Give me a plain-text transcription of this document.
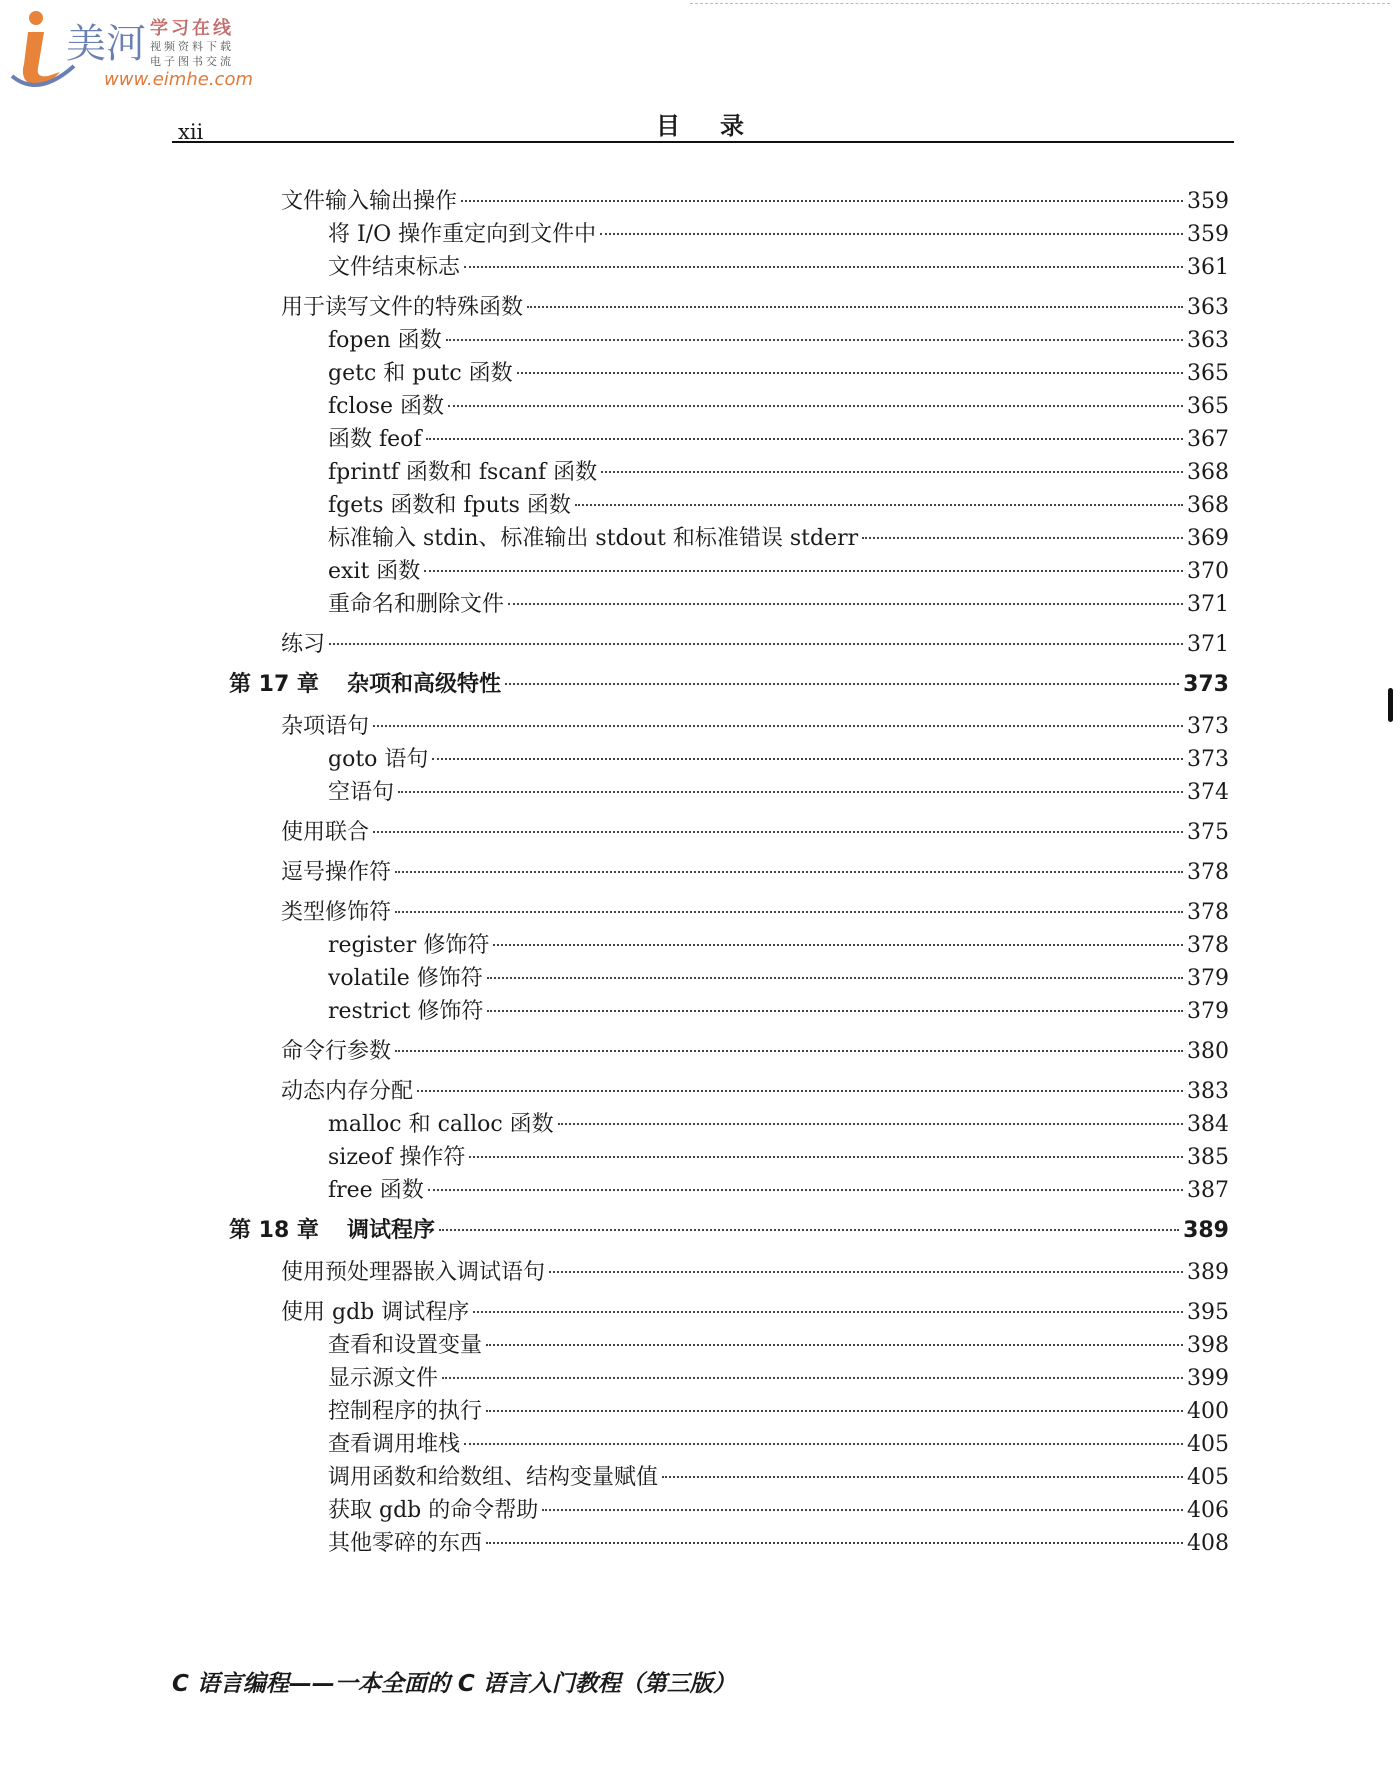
美河 学习在线
视频资料下载
电子图书交流
www.eimhe.com
xii	目录
文件输入输出操作	359
将 I/O 操作重定向到文件中	359
文件结束标志	361
用于读写文件的特殊函数	363
fopen 函数	363
getc 和 putc 函数	365
fclose 函数	365
函数 feof	367
fprintf 函数和 fscanf 函数	368
fgets 函数和 fputs 函数	368
标准输入 stdin、标准输出 stdout 和标准错误 stderr	369
exit 函数	370
重命名和删除文件	371
练习	371
第 17 章 杂项和高级特性	373
杂项语句	373
goto 语句	373
空语句	374
使用联合	375
逗号操作符	378
类型修饰符	378
register 修饰符	378
volatile 修饰符	379
restrict 修饰符	379
命令行参数	380
动态内存分配	383
malloc 和 calloc 函数	384
sizeof 操作符	385
free 函数	387
第 18 章 调试程序	389
使用预处理器嵌入调试语句	389
使用 gdb 调试程序	395
查看和设置变量	398
显示源文件	399
控制程序的执行	400
查看调用堆栈	405
调用函数和给数组、结构变量赋值	405
获取 gdb 的命令帮助	406
其他零碎的东西	408
C 语言编程——一本全面的 C 语言入门教程（第三版）
